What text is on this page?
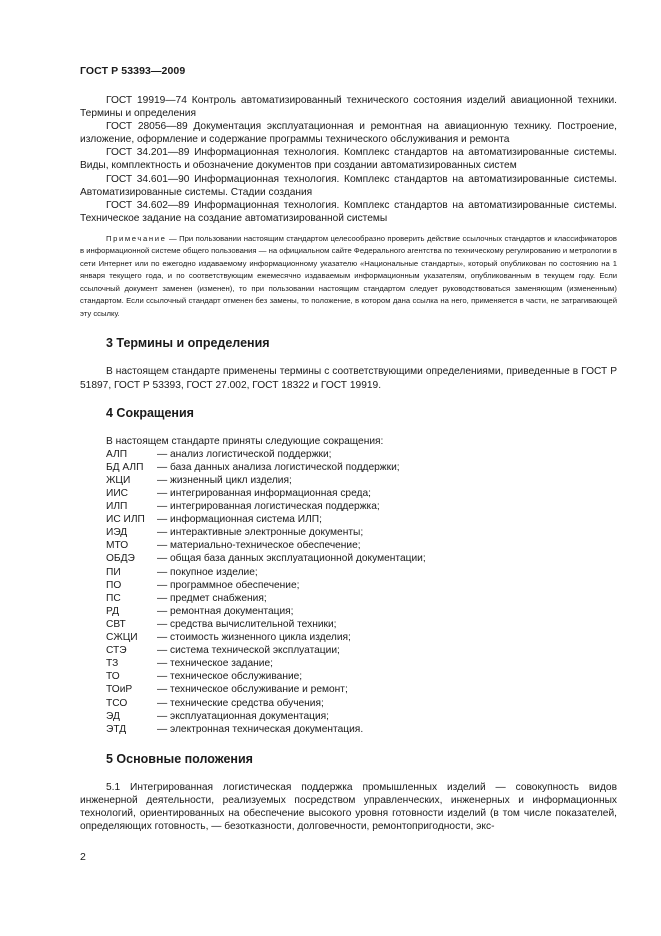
ГОСТ Р 53393—2009

ГОСТ 19919—74 Контроль автоматизированный технического состояния изделий авиационной техники. Термины и определения

ГОСТ 28056—89 Документация эксплуатационная и ремонтная на авиационную технику. Построение, изложение, оформление и содержание программы технического обслуживания и ремонта

ГОСТ 34.201—89 Информационная технология. Комплекс стандартов на автоматизированные системы. Виды, комплектность и обозначение документов при создании автоматизированных систем

ГОСТ 34.601—90 Информационная технология. Комплекс стандартов на автоматизированные системы. Автоматизированные системы. Стадии создания

ГОСТ 34.602—89 Информационная технология. Комплекс стандартов на автоматизированные системы. Техническое задание на создание автоматизированной системы

Примечание — При пользовании настоящим стандартом целесообразно проверить действие ссылочных стандартов и классификаторов в информационной системе общего пользования — на официальном сайте Федерального агентства по техническому регулированию и метрологии в сети Интернет или по ежегодно издаваемому информационному указателю «Национальные стандарты», который опубликован по состоянию на 1 января текущего года, и по соответствующим ежемесячно издаваемым информационным указателям, опубликованным в текущем году. Если ссылочный документ заменен (изменен), то при пользовании настоящим стандартом следует руководствоваться заменяющим (измененным) стандартом. Если ссылочный стандарт отменен без замены, то положение, в котором дана ссылка на него, применяется в части, не затрагивающей эту ссылку.
3 Термины и определения

В настоящем стандарте применены термины с соответствующими определениями, приведенные в ГОСТ Р 51897, ГОСТ Р 53393, ГОСТ 27.002, ГОСТ 18322 и ГОСТ 19919.

4 Сокращения
В настоящем стандарте приняты следующие сокращения:
АЛП	— анализ логистической поддержки;
БД АЛП	— база данных анализа логистической поддержки;
ЖЦИ	— жизненный цикл изделия;
ИИС	— интегрированная информационная среда;
ИЛП	— интегрированная логистическая поддержка;
ИС ИЛП	— информационная система ИЛП;
ИЭД	— интерактивные электронные документы;
МТО	— материально-техническое обеспечение;
ОБДЭ	— общая база данных эксплуатационной документации;
ПИ	— покупное изделие;
ПО	— программное обеспечение;
ПС	— предмет снабжения;
РД	— ремонтная документация;
СВТ	— средства вычислительной техники;
СЖЦИ	— стоимость жизненного цикла изделия;
СТЭ	— система технической эксплуатации;
ТЗ	— техническое задание;
ТО	— техническое обслуживание;
ТОиР	— техническое обслуживание и ремонт;
ТСО	— технические средства обучения;
ЭД	— эксплуатационная документация;
ЭТД	— электронная техническая документация.
5 Основные положения

5.1 Интегрированная логистическая поддержка промышленных изделий — совокупность видов инженерной деятельности, реализуемых посредством управленческих, инженерных и информационных технологий, ориентированных на обеспечение высокого уровня готовности изделий (в том числе показателей, определяющих готовность, — безотказности, долговечности, ремонтопригодности, экс-

2
